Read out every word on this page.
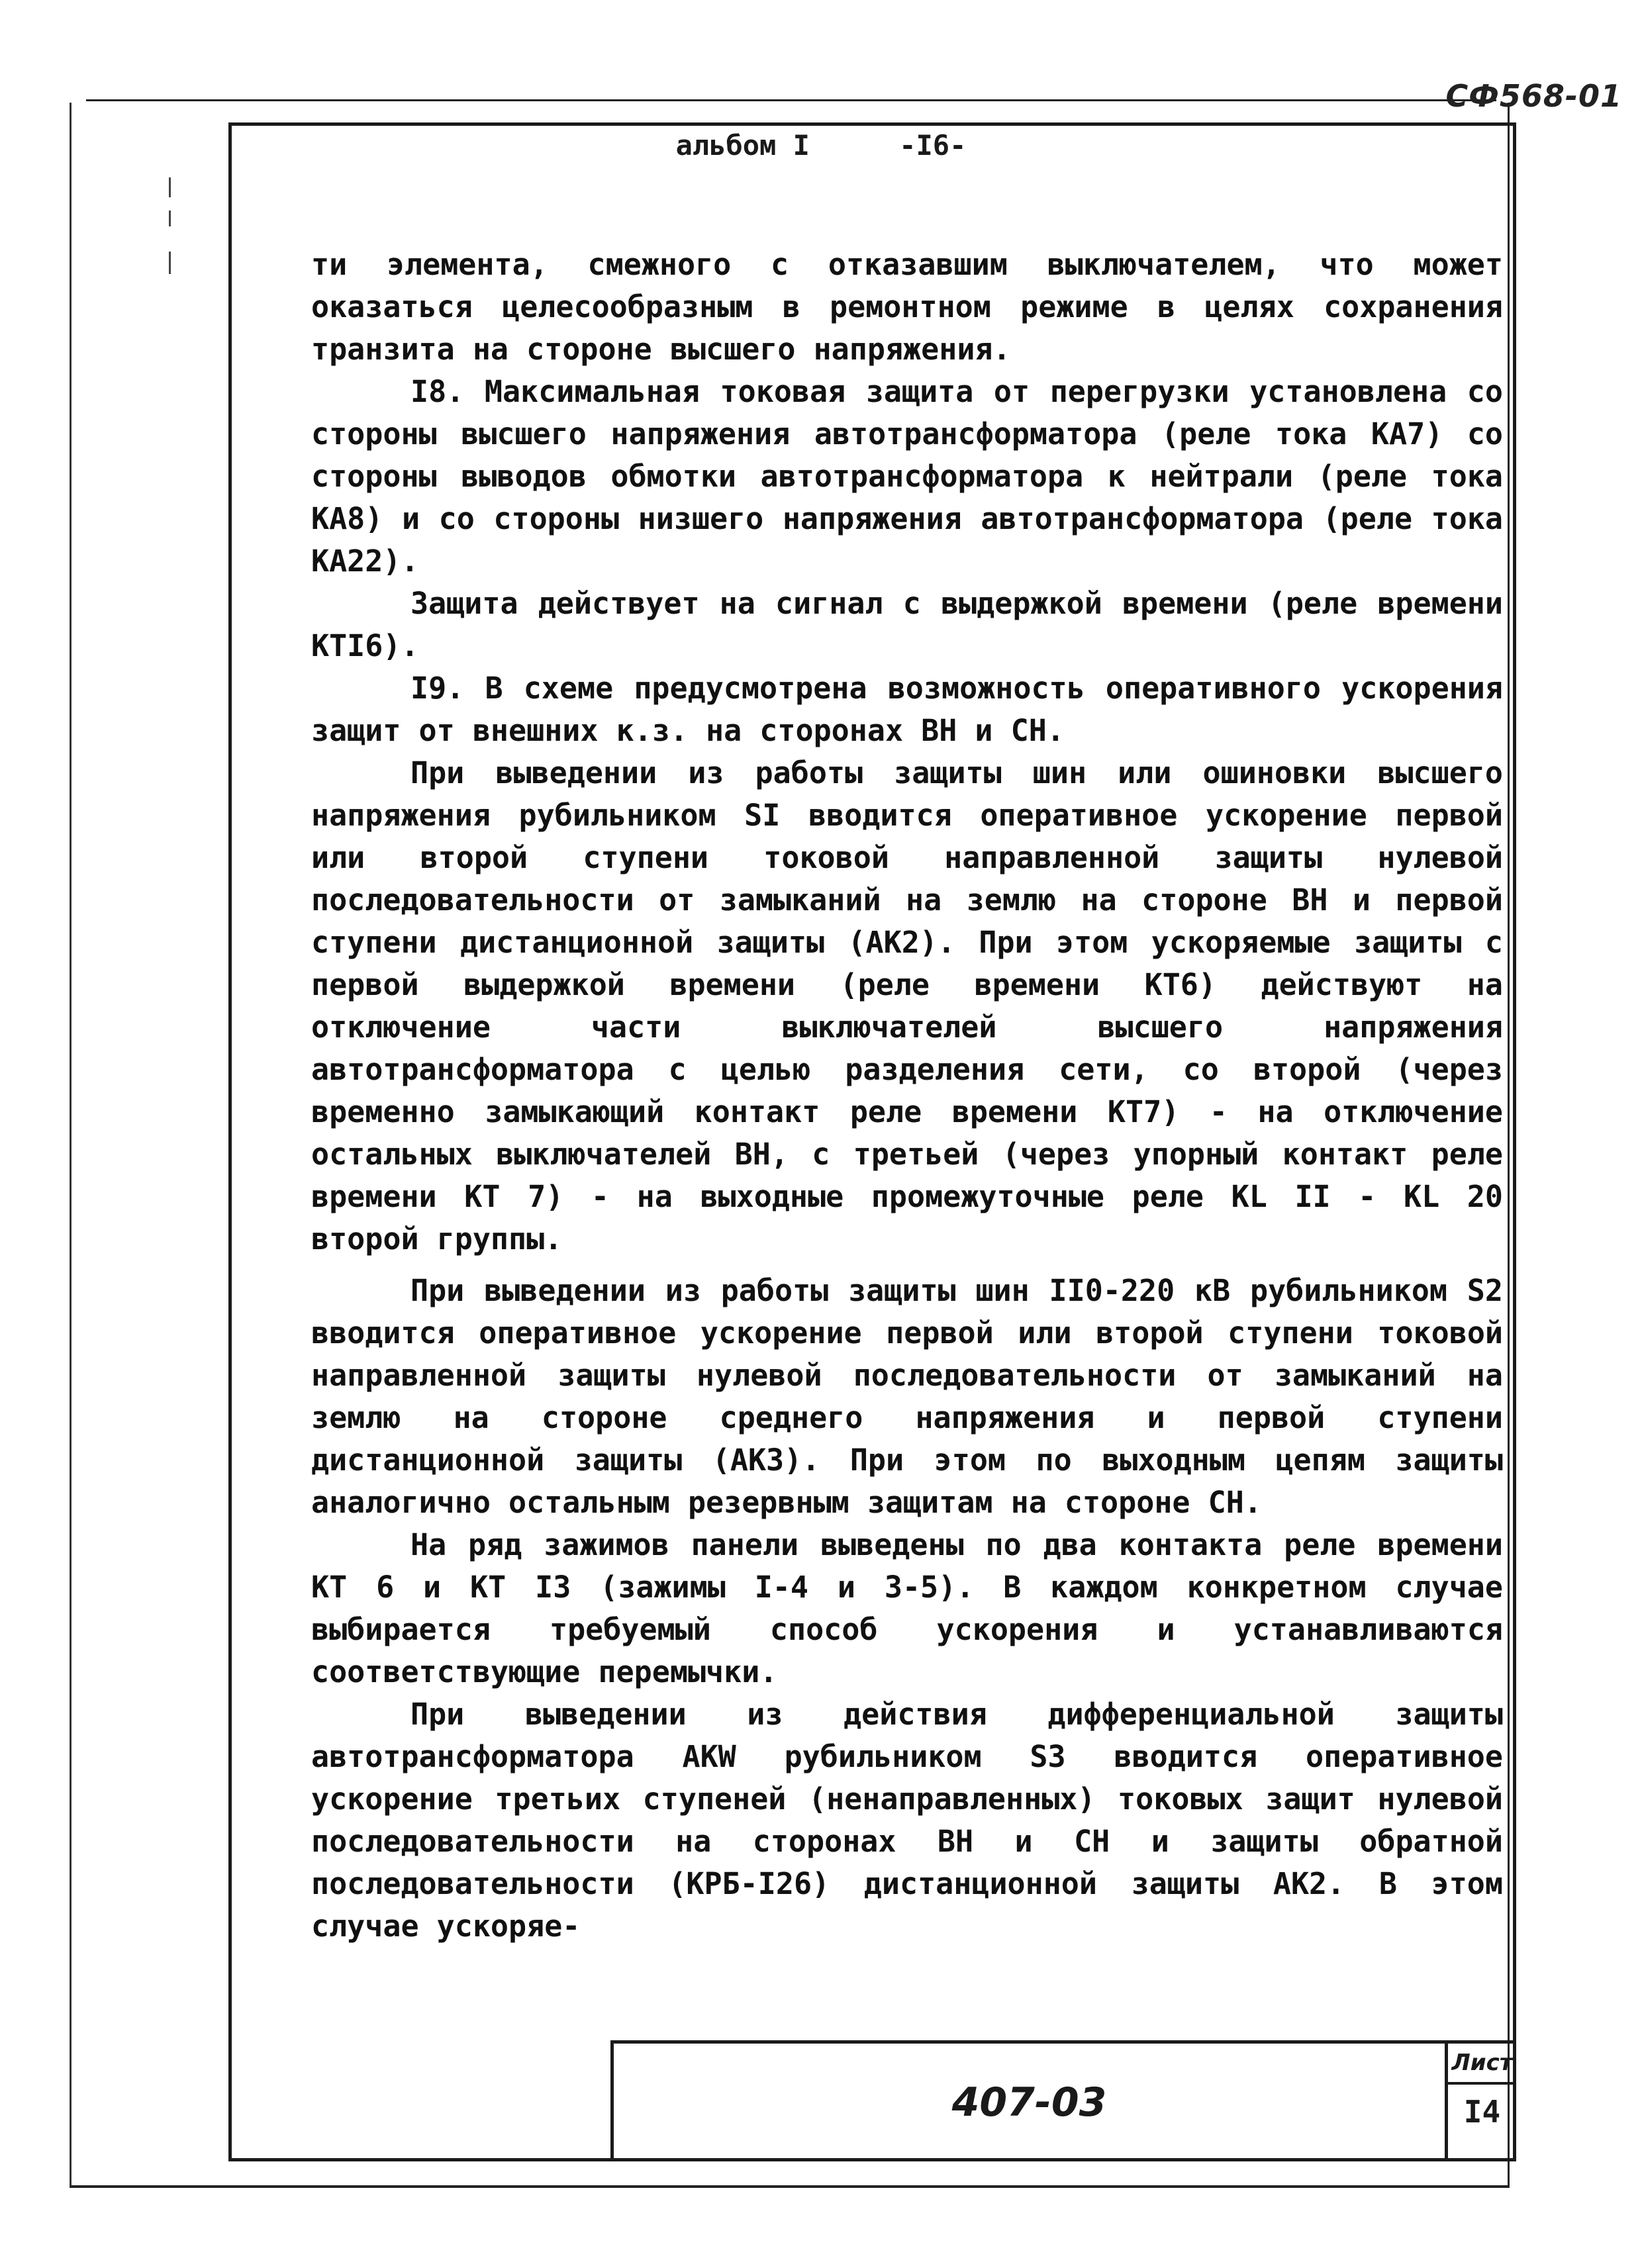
СФ568-01
альбом I	-I6-

ти элемента, смежного с отказавшим выключателем, что может оказаться целесообразным в ремонтном режиме в целях сохранения транзита на стороне высшего напряжения.

I8. Максимальная токовая защита от перегрузки установлена со стороны высшего напряжения автотрансформатора (реле тока КА7) со стороны выводов обмотки автотрансформатора к нейтрали (реле тока КА8) и со стороны низшего напряжения автотрансформатора (реле тока КА22).

Защита действует на сигнал с выдержкой времени (реле времени КТI6).

I9. В схеме предусмотрена возможность оперативного ускорения защит от внешних к.з. на сторонах ВН и СН.

При выведении из работы защиты шин или ошиновки высшего напряжения рубильником SI вводится оперативное ускорение первой или второй ступени токовой направленной защиты нулевой последовательности от замыканий на землю на стороне ВН и первой ступени дистанционной защиты (АК2). При этом ускоряемые защиты с первой выдержкой времени (реле времени КТ6) действуют на отключение части выключателей высшего напряжения автотрансформатора с целью разделения сети, со второй (через временно замыкающий контакт реле времени КТ7) - на отключение остальных выключателей ВН, с третьей (через упорный контакт реле времени КТ 7) - на выходные промежуточные реле KL II - KL 20 второй группы.

При выведении из работы защиты шин II0-220 кВ рубильником S2 вводится оперативное ускорение первой или второй ступени токовой направленной защиты нулевой последовательности от замыканий на землю на стороне среднего напряжения и первой ступени дистанционной защиты (АК3). При этом по выходным цепям защиты аналогично остальным резервным защитам на стороне СН.

На ряд зажимов панели выведены по два контакта реле времени КТ 6 и КТ I3 (зажимы I-4 и 3-5). В каждом конкретном случае выбирается требуемый способ ускорения и устанавливаются соответствующие перемычки.

При выведении из действия дифференциальной защиты автотрансформатора AKW рубильником S3 вводится оперативное ускорение третьих ступеней (ненаправленных) токовых защит нулевой последовательности на сторонах ВН и СН и защиты обратной последовательности (КРБ-I26) дистанционной защиты АК2. В этом случае ускоряе-

407-03
Лист
I4
